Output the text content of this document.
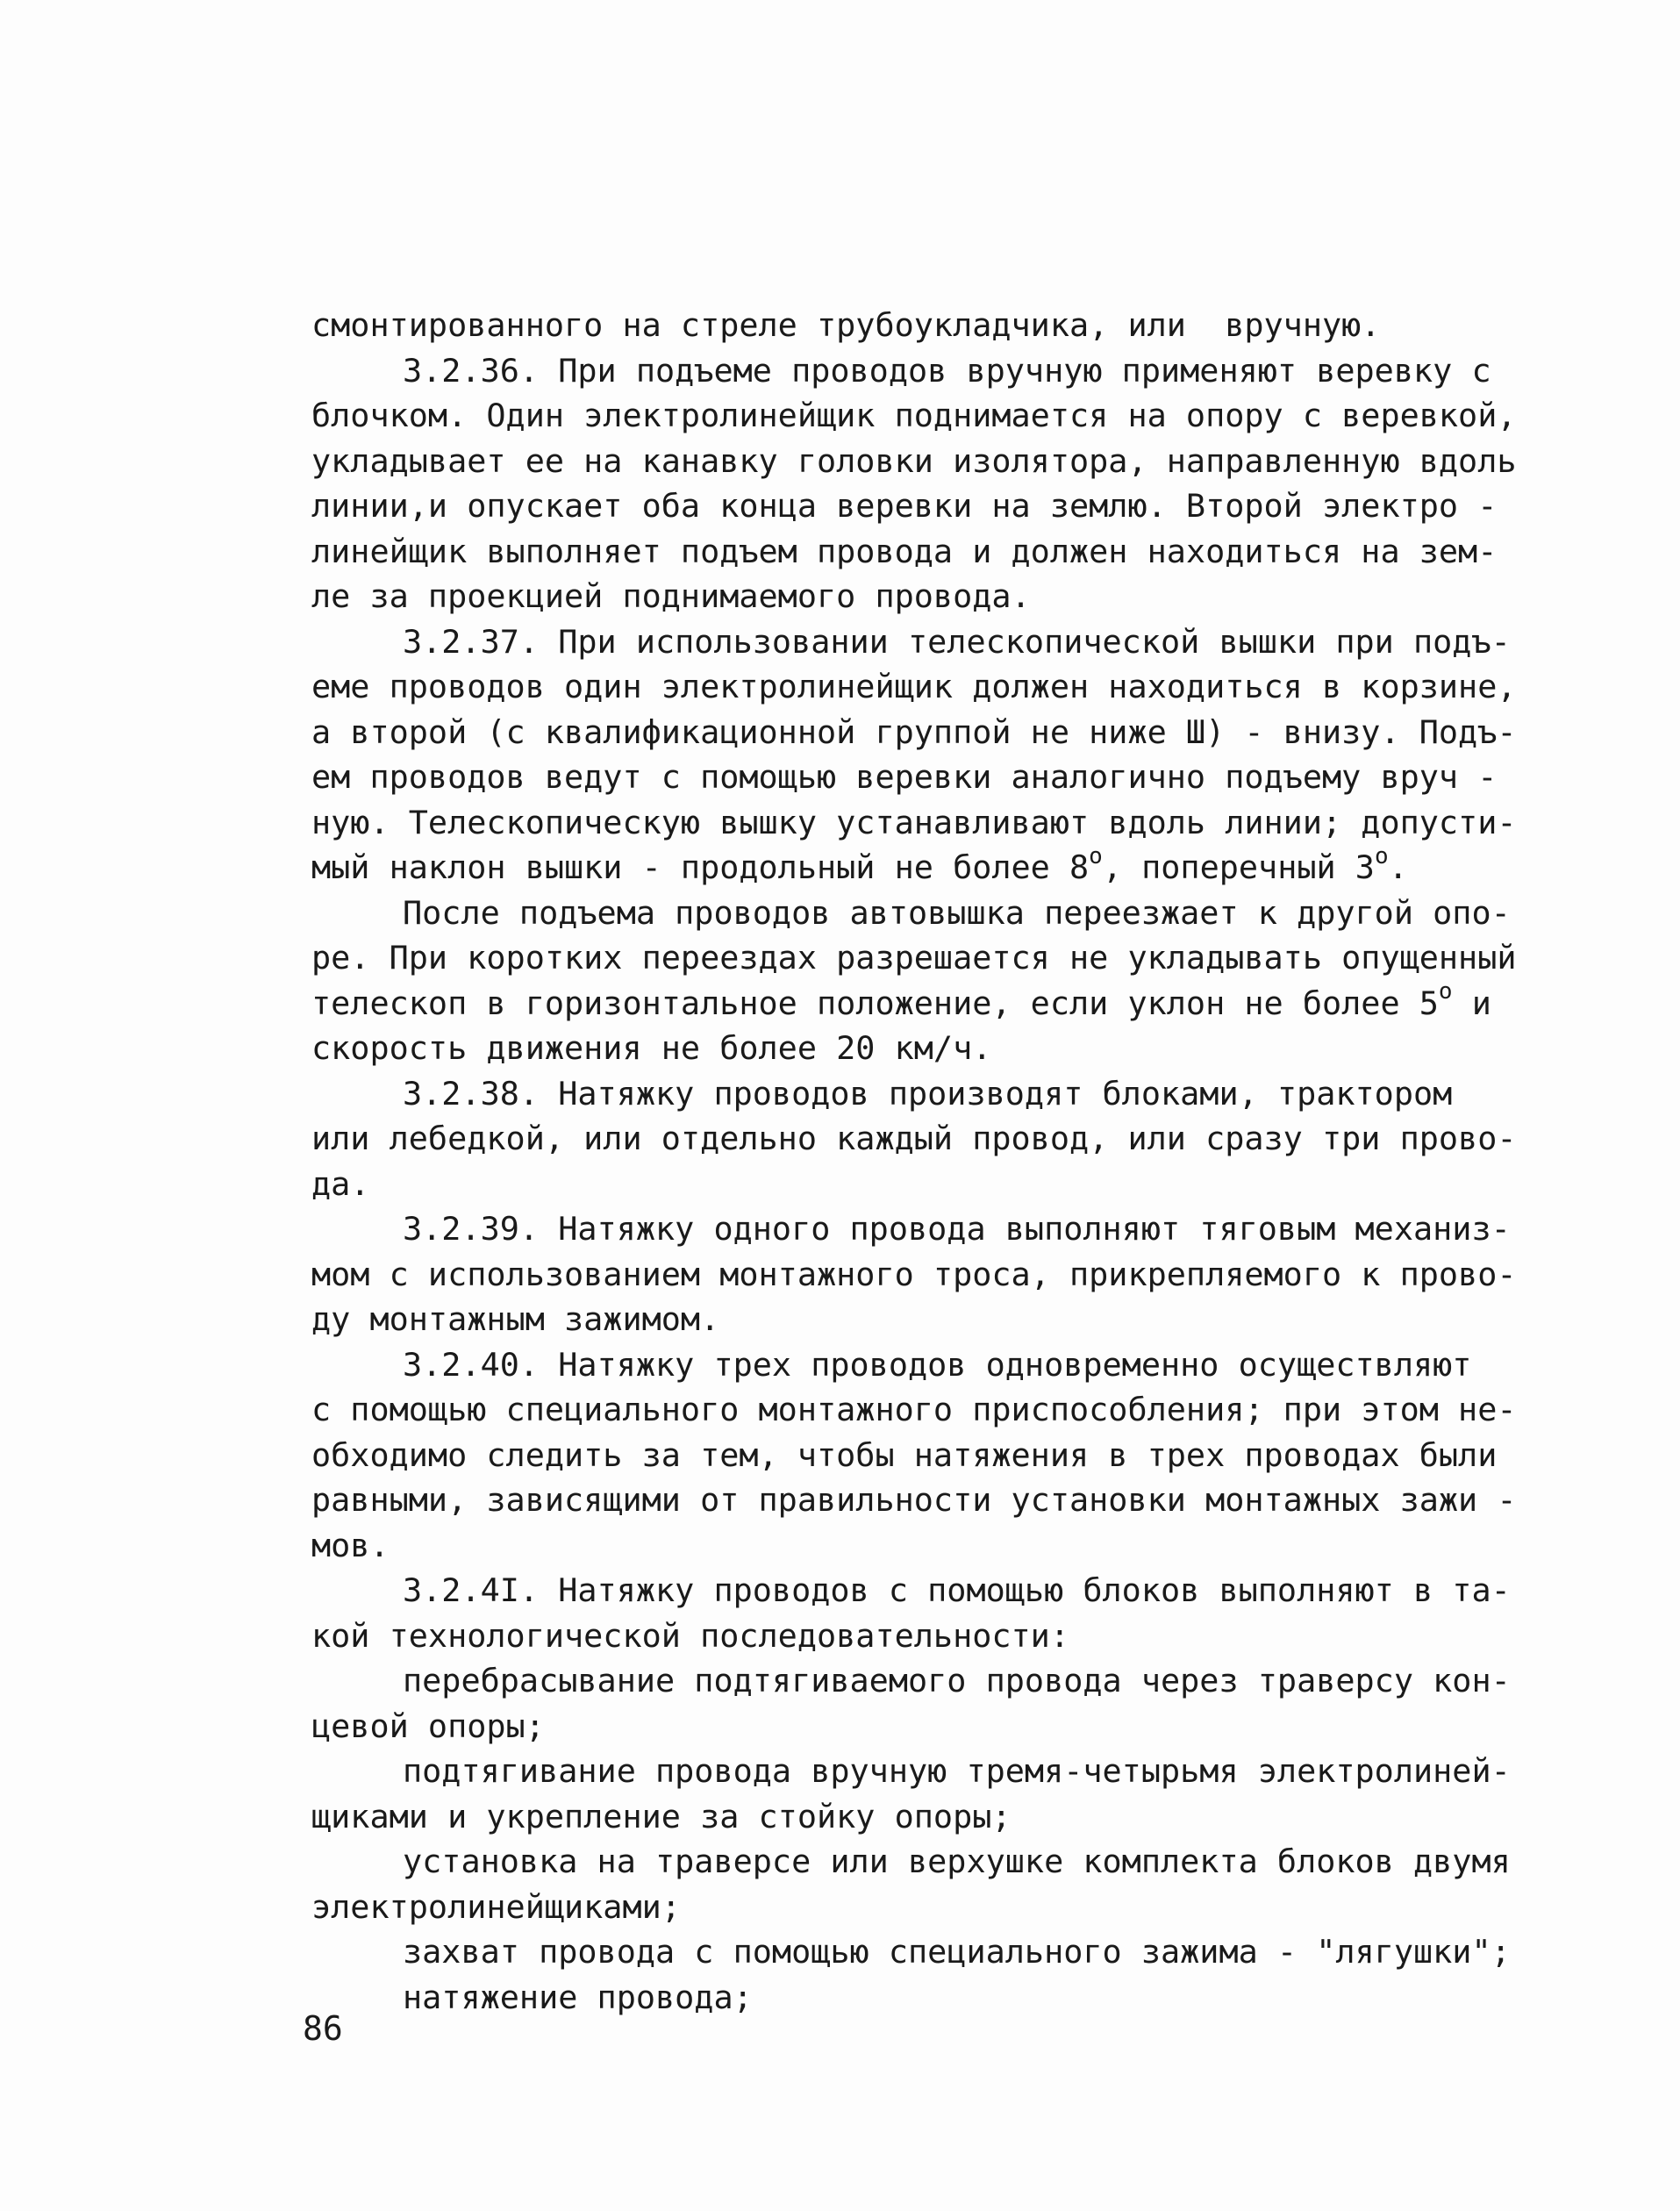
смонтированного на стреле трубоукладчика, или  вручную.
3.2.36. При подъеме проводов вручную применяют веревку с
блочком. Один электролинейщик поднимается на опору с веревкой,
укладывает ее на канавку головки изолятора, направленную вдоль
линии,и опускает оба конца веревки на землю. Второй электро -
линейщик выполняет подъем провода и должен находиться на зем-
ле за проекцией поднимаемого провода.
3.2.37. При использовании телескопической вышки при подъ-
еме проводов один электролинейщик должен находиться в корзине,
а второй (с квалификационной группой не ниже Ш) - внизу. Подъ-
ем проводов ведут с помощью веревки аналогично подъему вруч -
ную. Телескопическую вышку устанавливают вдоль линии; допусти-
мый наклон вышки - продольный не более $8^о$, поперечный $3^о$.
После подъема проводов автовышка переезжает к другой опо-
ре. При коротких переездах разрешается не укладывать опущенный
телескоп в горизонтальное положение, если уклон не более $5^о$ и
скорость движения не более 20 км/ч.
3.2.38. Натяжку проводов производят блоками, трактором
или лебедкой, или отдельно каждый провод, или сразу три прово-
да.
3.2.39. Натяжку одного провода выполняют тяговым механиз-
мом с использованием монтажного троса, прикрепляемого к прово-
ду монтажным зажимом.
3.2.40. Натяжку трех проводов одновременно осуществляют
с помощью специального монтажного приспособления; при этом не-
обходимо следить за тем, чтобы натяжения в трех проводах были
равными, зависящими от правильности установки монтажных зажи -
мов.
3.2.4I. Натяжку проводов с помощью блоков выполняют в та-
кой технологической последовательности:
перебрасывание подтягиваемого провода через траверсу кон-
цевой опоры;
подтягивание провода вручную тремя-четырьмя электролиней-
щиками и укрепление за стойку опоры;
установка на траверсе или верхушке комплекта блоков двумя
электролинейщиками;
захват провода с помощью специального зажима - "лягушки";
натяжение провода;
86
